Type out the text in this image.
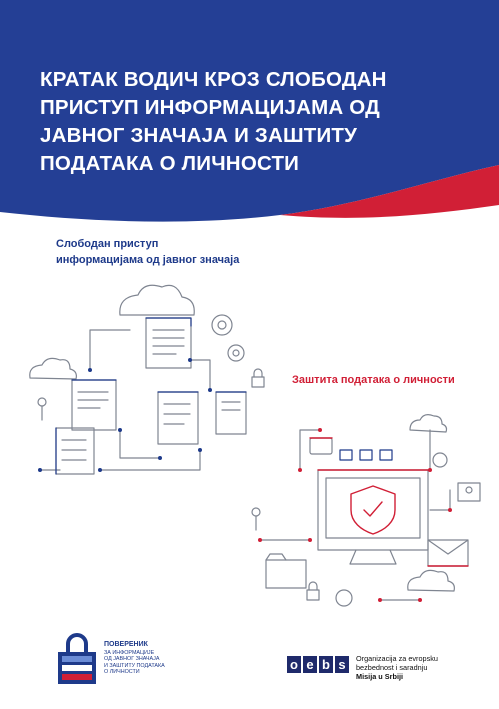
КРАТАК ВОДИЧ КРОЗ СЛОБОДАН
ПРИСТУП ИНФОРМАЦИЈАМА ОД
ЈАВНОГ ЗНАЧАЈА И ЗАШТИТУ
ПОДАТАКА О ЛИЧНОСТИ
Слободан приступ
информацијама од јавног значаја
Заштита података о личности
ПОВЕРЕНИК
ЗА ИНФОРМАЦИЈЕ
ОД ЈАВНОГ ЗНАЧАЈА
И ЗАШТИТУ ПОДАТАКА
О ЛИЧНОСТИ
o e b s	Organizacija za evropsku
bezbednost i saradnju
Misija u Srbiji
